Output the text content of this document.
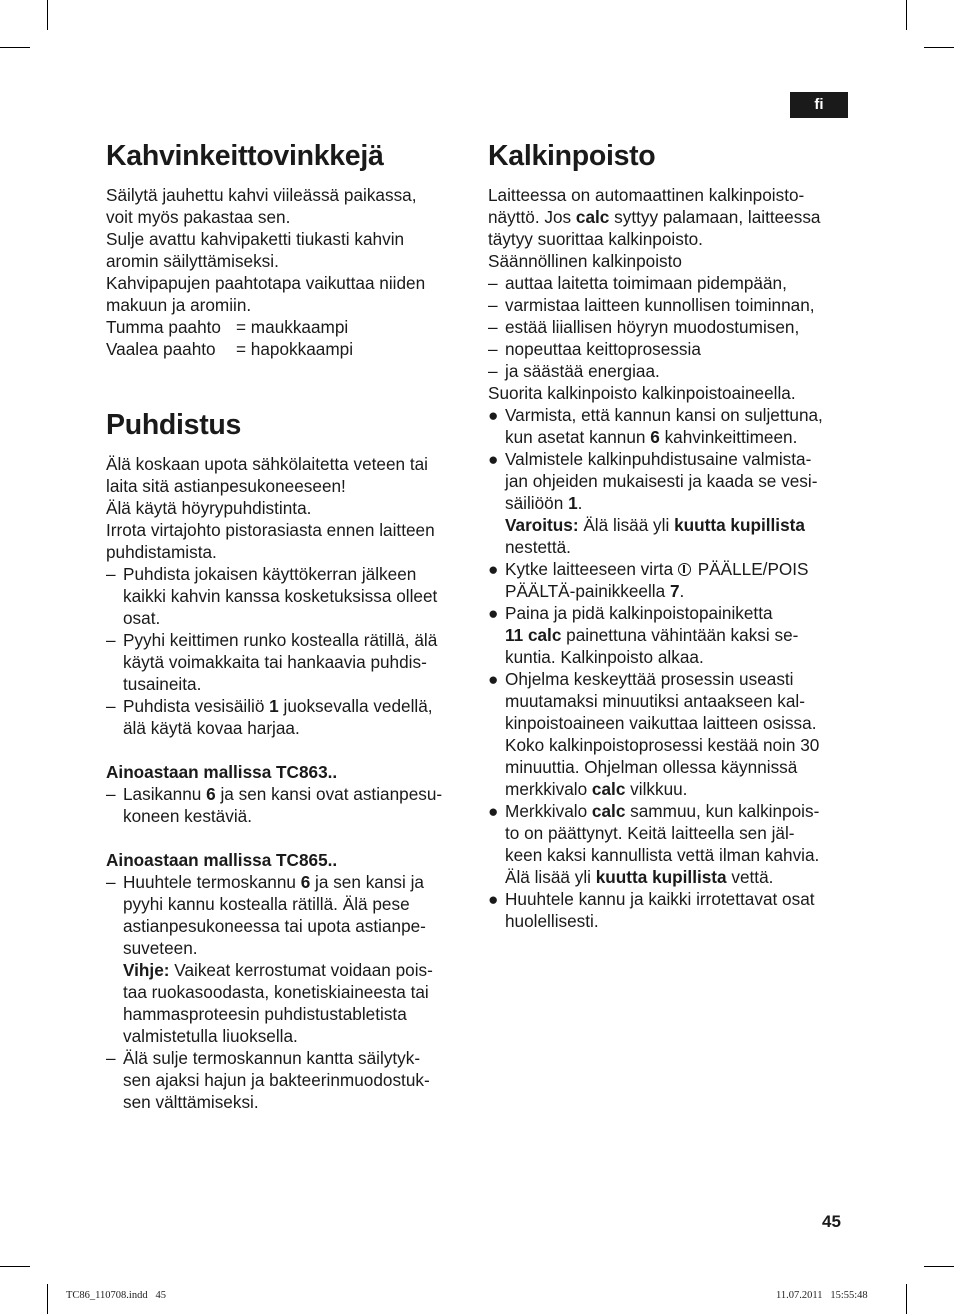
fi
Kahvinkeittovinkkejä

Säilytä jauhettu kahvi viileässä paikassa,

voit myös pakastaa sen.

Sulje avattu kahvipaketti tiukasti kahvin

aromin säilyttämiseksi.

Kahvipapujen paahtotapa vaikuttaa niiden

makuun ja aromiin.

Tumma paahto = maukkaampi
Vaalea paahto	= hapokkaampi
Puhdistus

Älä koskaan upota sähkölaitetta veteen tai

laita sitä astianpesukoneeseen!

Älä käytä höyrypuhdistinta.

Irrota virtajohto pistorasiasta ennen laitteen

puhdistamista.

– Puhdista jokaisen käyttökerran jälkeen

kaikki kahvin kanssa kosketuksissa olleet

osat.

– Pyyhi keittimen runko kostealla rätillä, älä

käytä voimakkaita tai hankaavia puhdis-

tusaineita.

– Puhdista vesisäiliö 1 juoksevalla vedellä,

älä käytä kovaa harjaa.

Ainoastaan mallissa TC863..

– Lasikannu 6 ja sen kansi ovat astianpesu-

koneen kestäviä.

Ainoastaan mallissa TC865..

– Huuhtele termoskannu 6 ja sen kansi ja

pyyhi kannu kostealla rätillä. Älä pese

astianpesukoneessa tai upota astianpe-

suveteen.

Vihje: Vaikeat kerrostumat voidaan pois-

taa ruokasoodasta, konetiskiaineesta tai

hammasproteesin puhdistustabletista

valmistetulla liuoksella.

– Älä sulje termoskannun kantta säilytyk-

sen ajaksi hajun ja bakteerinmuodostuk-

sen välttämiseksi.

Kalkinpoisto

Laitteessa on automaattinen kalkinpoisto-

näyttö. Jos calc syttyy palamaan, laitteessa

täytyy suorittaa kalkinpoisto.

Säännöllinen kalkinpoisto

– auttaa laitetta toimimaan pidempään,

– varmistaa laitteen kunnollisen toiminnan,

– estää liiallisen höyryn muodostumisen,

– nopeuttaa keittoprosessia

– ja säästää energiaa.

Suorita kalkinpoisto kalkinpoistoaineella.

● Varmista, että kannun kansi on suljettuna,

kun asetat kannun 6 kahvinkeittimeen.

● Valmistele kalkinpuhdistusaine valmista-

jan ohjeiden mukaisesti ja kaada se vesi-

säiliöön 1.

Varoitus: Älä lisää yli kuutta kupillista

nestettä.

● Kytke laitteeseen virta  PÄÄLLE/POIS

PÄÄLTÄ-painikkeella 7.

● Paina ja pidä kalkinpoistopainiketta

11 calc painettuna vähintään kaksi se-

kuntia. Kalkinpoisto alkaa.

● Ohjelma keskeyttää prosessin useasti

muutamaksi minuutiksi antaakseen kal-

kinpoistoaineen vaikuttaa laitteen osissa.

Koko kalkinpoistoprosessi kestää noin 30

minuuttia. Ohjelman ollessa käynnissä

merkkivalo calc vilkkuu.

● Merkkivalo calc sammuu, kun kalkinpois-

to on päättynyt. Keitä laitteella sen jäl-

keen kaksi kannullista vettä ilman kahvia.

Älä lisää yli kuutta kupillista vettä.

● Huuhtele kannu ja kaikki irrotettavat osat

huolellisesti.

45
TC86_110708.indd   45	11.07.2011   15:55:48
